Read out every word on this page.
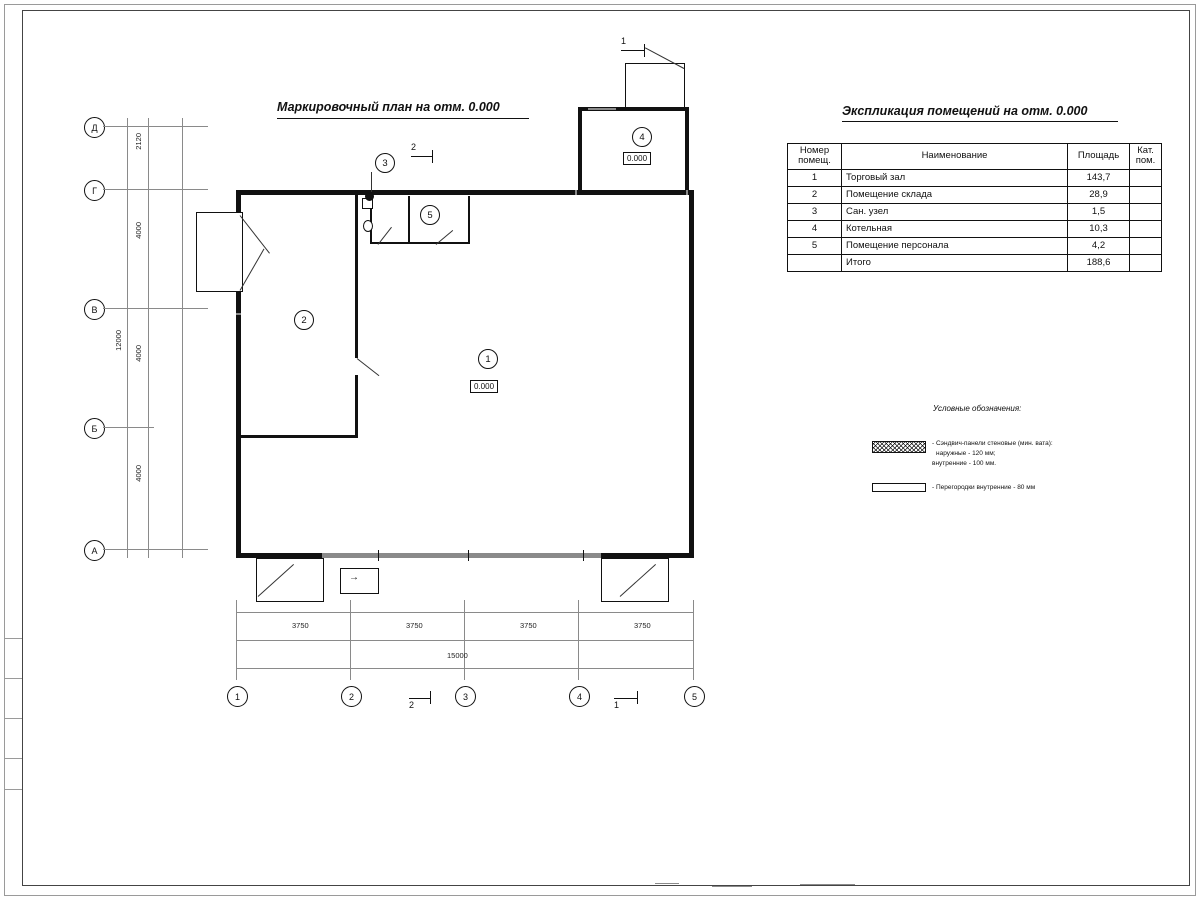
Маркировочный план на отм. 0.000	Экспликация помещений на отм. 0.000
Д
Г
В
Б
А
2120
4000
4000
4000
12000
→
2
1
3
4
5
0.000
0.000
1
2
2	1
3750	3750	3750	3750
15000
1	2	3	4	5
Номер
помещ.	Наименование	Площадь	Кат.
пом.
1	Торговый зал	143,7	
2	Помещение склада	28,9	
3	Сан. узел	1,5	
4	Котельная	10,3	
5	Помещение персонала	4,2	
	Итого	188,6	
Условные обозначения:
- Сэндвич-панели стеновые (мин. вата):
наружные - 120 мм;
внутренние - 100 мм.
- Перегородки внутренние - 80 мм
